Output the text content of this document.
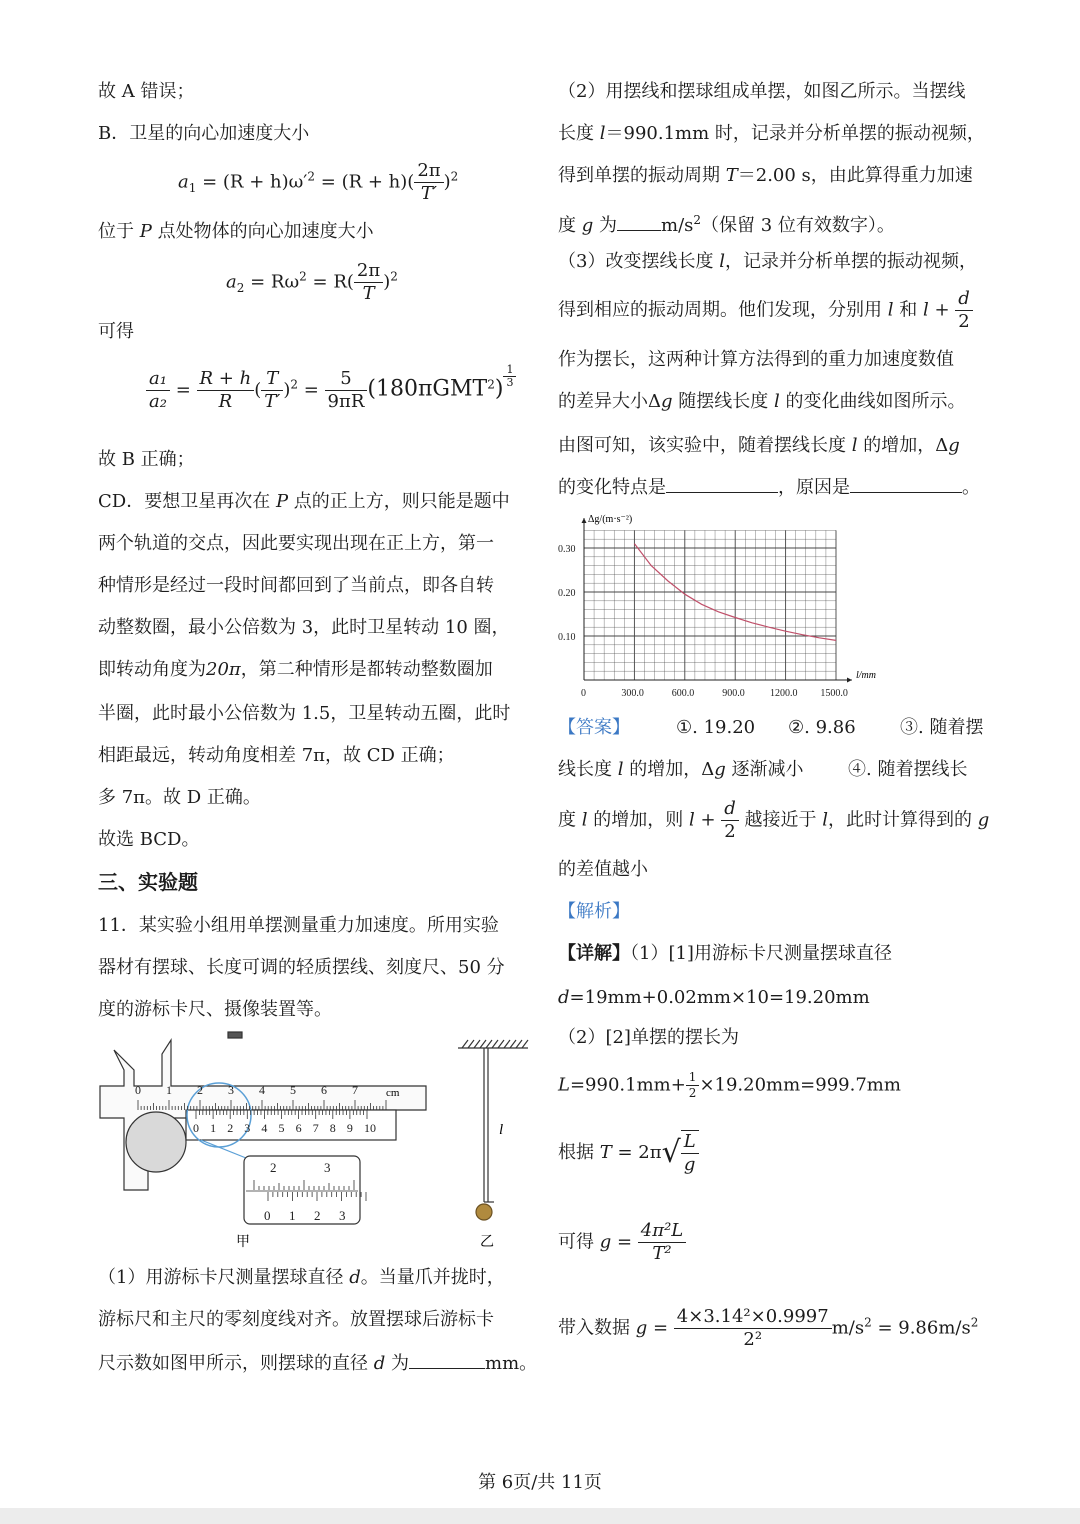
故 A 错误；
B．卫星的向心加速度大小
$a_1 = (R + h)\omega'^2 = (R + h)( \frac{2\pi}{T'} )^2$
位于 P 点处物体的向心加速度大小
$a_2 = R\omega^2 = R( \frac{2\pi}{T} )^2$
可得
$\frac{\text{a₁}}{\text{a₂}} = \frac{R + h}{R}$ ( $\frac{T}{T'} )^2 = \frac{5}{9\pi R} (180\pi GMT^2) \frac{1}{3}$
故 B 正确；
CD．要想卫星再次在 P 点的正上方，则只能是题中
两个轨道的交点，因此要实现出现在正上方，第一
种情形是经过一段时间都回到了当前点，即各自转
动整数圈，最小公倍数为 3，此时卫星转动 10 圈，
即转动角度为20π，第二种情形是都转动整数圈加
半圈，此时最小公倍数为 1.5，卫星转动五圈，此时
相距最远，转动角度相差 7π，故 CD 正确；
多 7π。故 D 正确。
故选 BCD。
三、实验题
11．某实验小组用单摆测量重力加速度。所用实验
器材有摆球、长度可调的轻质摆线、刻度尺、50 分
度的游标卡尺、摄像装置等。
0 1 2 3 4 5 6 7	cm
0 1 2 3 4 5 6 7 8 9 10
2	3
0 1 2 3
甲
l
乙
（1）用游标卡尺测量摆球直径 d。当量爪并拢时，
游标尺和主尺的零刻度线对齐。放置摆球后游标卡
尺示数如图甲所示，则摆球的直径 d 为	mm。
（2）用摆线和摆球组成单摆，如图乙所示。当摆线
长度 l＝990.1mm 时，记录并分析单摆的振动视频，
得到单摆的振动周期 T＝2.00 s，由此算得重力加速
度 g 为 $m/s^2$（保留 3 位有效数字）。
（3）改变摆线长度 l，记录并分析单摆的振动视频，
得到相应的振动周期。他们发现，分别用 l 和 $l + \frac{d}{2}$
作为摆长，这两种计算方法得到的重力加速度数值
的差异大小Δg 随摆线长度 l 的变化曲线如图所示。
由图可知，该实验中，随着摆线长度 l 的增加，Δg
的变化特点是	，原因是	。
0	300.0	600.0	900.0	1200.0 1500.0
0.10
0.20
0.30
Δg/(m·s⁻²)
l/mm
【答案】	①. 19.20 ②. 9.86 ③. 随着摆
线长度 l 的增加，Δg 逐渐减小 ④. 随着摆线长
度 l 的增加，则 $l + \frac{d}{2}$ 越接近于 l，此时计算得到的 g
的差值越小
【解析】
【详解】（1）[1]用游标卡尺测量摆球直径
d=19mm+0.02mm×10=19.20mm
（2）[2]单摆的摆长为
$L=990.1mm+ \frac{1}{2} \times 19.20mm=999.7mm$
根据 $T = 2\pi√ \frac{L}{g}$
可得 $g = \frac{\text{4π²L}}{\text{T²}}$
带入数据 $g = \frac{\text{4×3.14²×0.9997}}{\text{2²}} m/s^2 = 9.86m/s^2$
第 6页/共 11页
